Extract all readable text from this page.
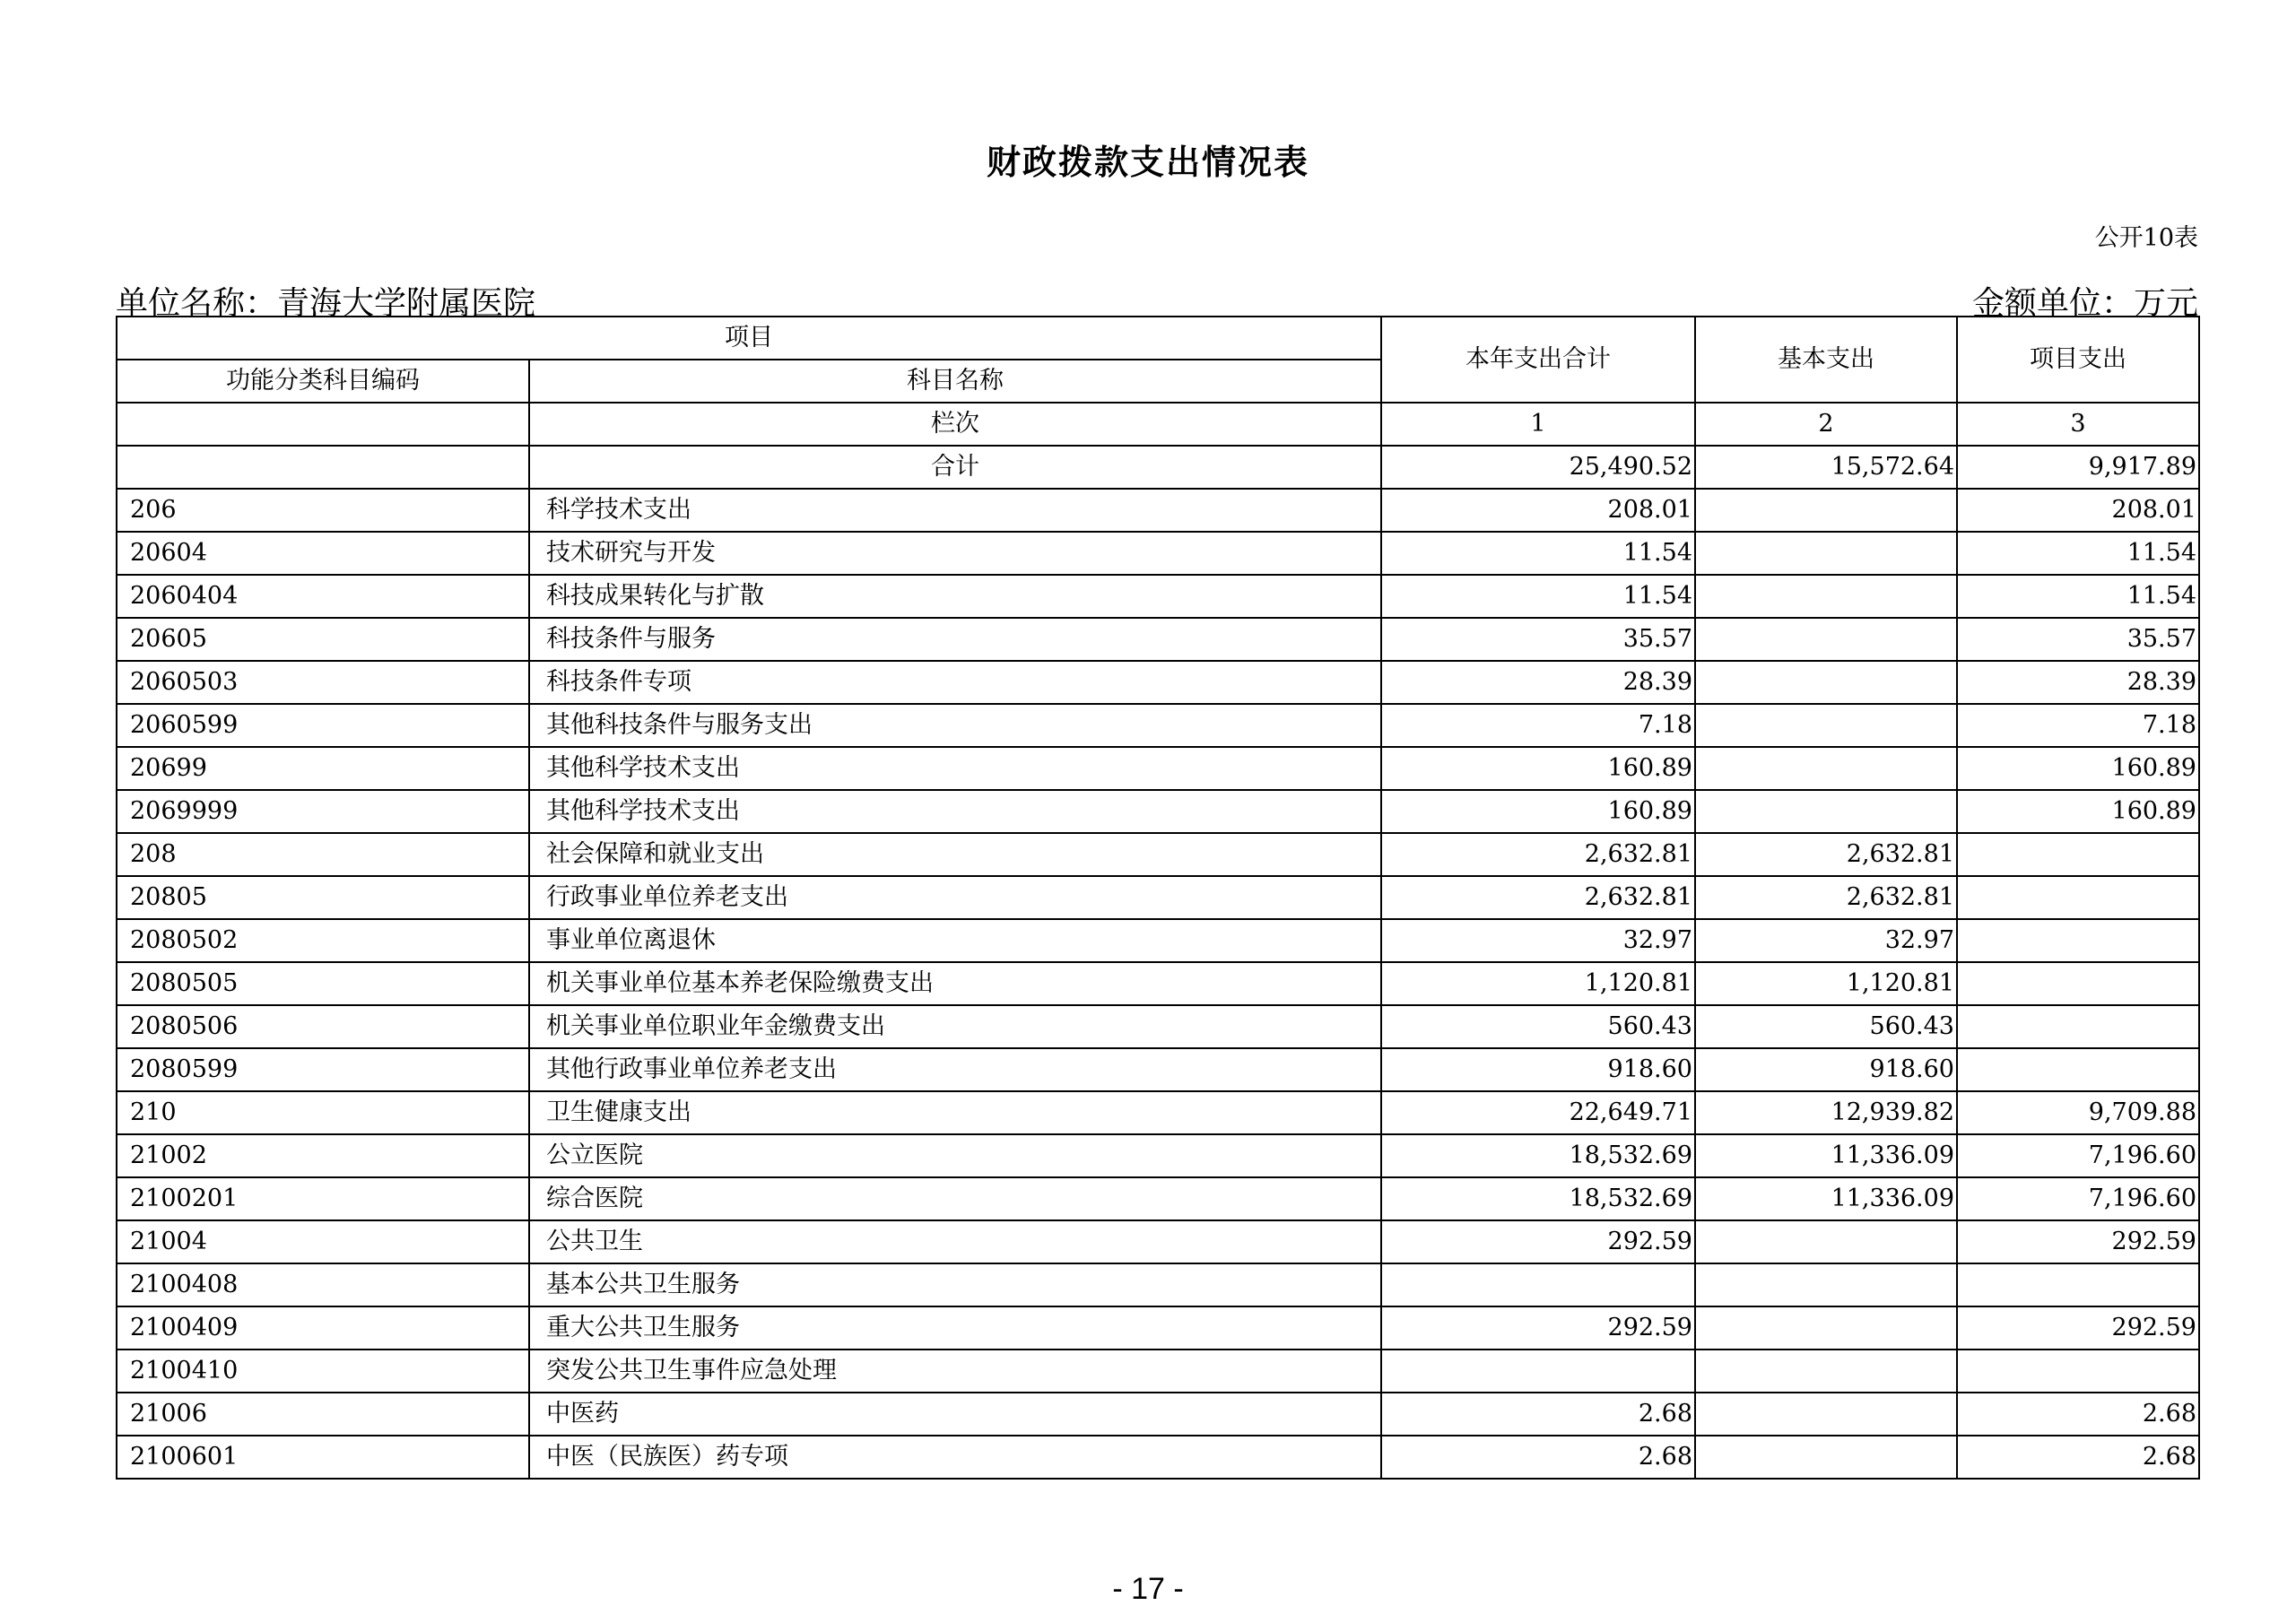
财政拨款支出情况表
公开10表
单位名称：青海大学附属医院	金额单位：万元
项目		本年支出合计	基本支出	项目支出
功能分类科目编码	科目名称			
	栏次	1	2	3
	合计	25,490.52	15,572.64	9,917.89
206	科学技术支出	208.01		208.01
20604	技术研究与开发	11.54		11.54
2060404	科技成果转化与扩散	11.54		11.54
20605	科技条件与服务	35.57		35.57
2060503	科技条件专项	28.39		28.39
2060599	其他科技条件与服务支出	7.18		7.18
20699	其他科学技术支出	160.89		160.89
2069999	其他科学技术支出	160.89		160.89
208	社会保障和就业支出	2,632.81	2,632.81	
20805	行政事业单位养老支出	2,632.81	2,632.81	
2080502	事业单位离退休	32.97	32.97	
2080505	机关事业单位基本养老保险缴费支出	1,120.81	1,120.81	
2080506	机关事业单位职业年金缴费支出	560.43	560.43	
2080599	其他行政事业单位养老支出	918.60	918.60	
210	卫生健康支出	22,649.71	12,939.82	9,709.88
21002	公立医院	18,532.69	11,336.09	7,196.60
2100201	综合医院	18,532.69	11,336.09	7,196.60
21004	公共卫生	292.59		292.59
2100408	基本公共卫生服务			
2100409	重大公共卫生服务	292.59		292.59
2100410	突发公共卫生事件应急处理			
21006	中医药	2.68		2.68
2100601	中医（民族医）药专项	2.68		2.68
- 17 -
